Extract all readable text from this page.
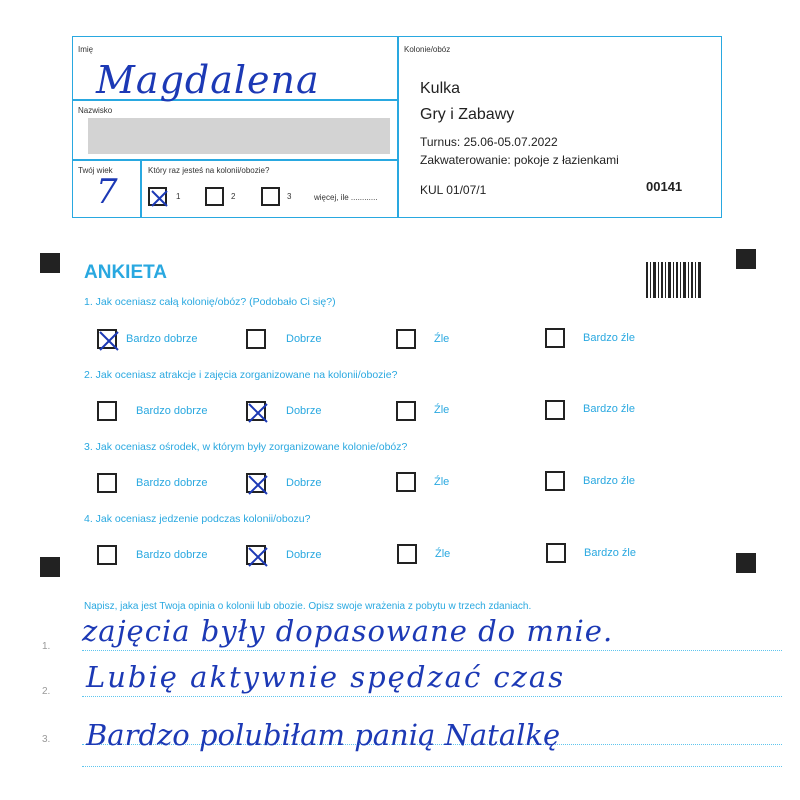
Imię
Magdalena
Nazwisko
Twój wiek
7
Który raz jesteś na kolonii/obozie?
1	2	3	więcej, ile ............
Kolonie/obóz
Kulka
Gry i Zabawy
Turnus: 25.06-05.07.2022
Zakwaterowanie: pokoje z łazienkami
KUL 01/07/1	00141
ANKIETA
1. Jak oceniasz całą kolonię/obóz? (Podobało Ci się?)
Bardzo dobrze	Dobrze	Źle	Bardzo źle
2. Jak oceniasz atrakcje i zajęcia zorganizowane na kolonii/obozie?
Bardzo dobrze	Dobrze	Źle	Bardzo źle
3. Jak oceniasz ośrodek, w którym były zorganizowane kolonie/obóz?
Bardzo dobrze	Dobrze	Źle	Bardzo źle
4. Jak oceniasz jedzenie podczas kolonii/obozu?
Bardzo dobrze	Dobrze	Źle	Bardzo źle
Napisz, jaka jest Twoja opinia o kolonii lub obozie. Opisz swoje wrażenia z pobytu w trzech zdaniach.
1. zajęcia były dopasowane do mnie.
2. Lubię aktywnie spędzać czas
3. Bardzo polubiłam panią Natalkę
